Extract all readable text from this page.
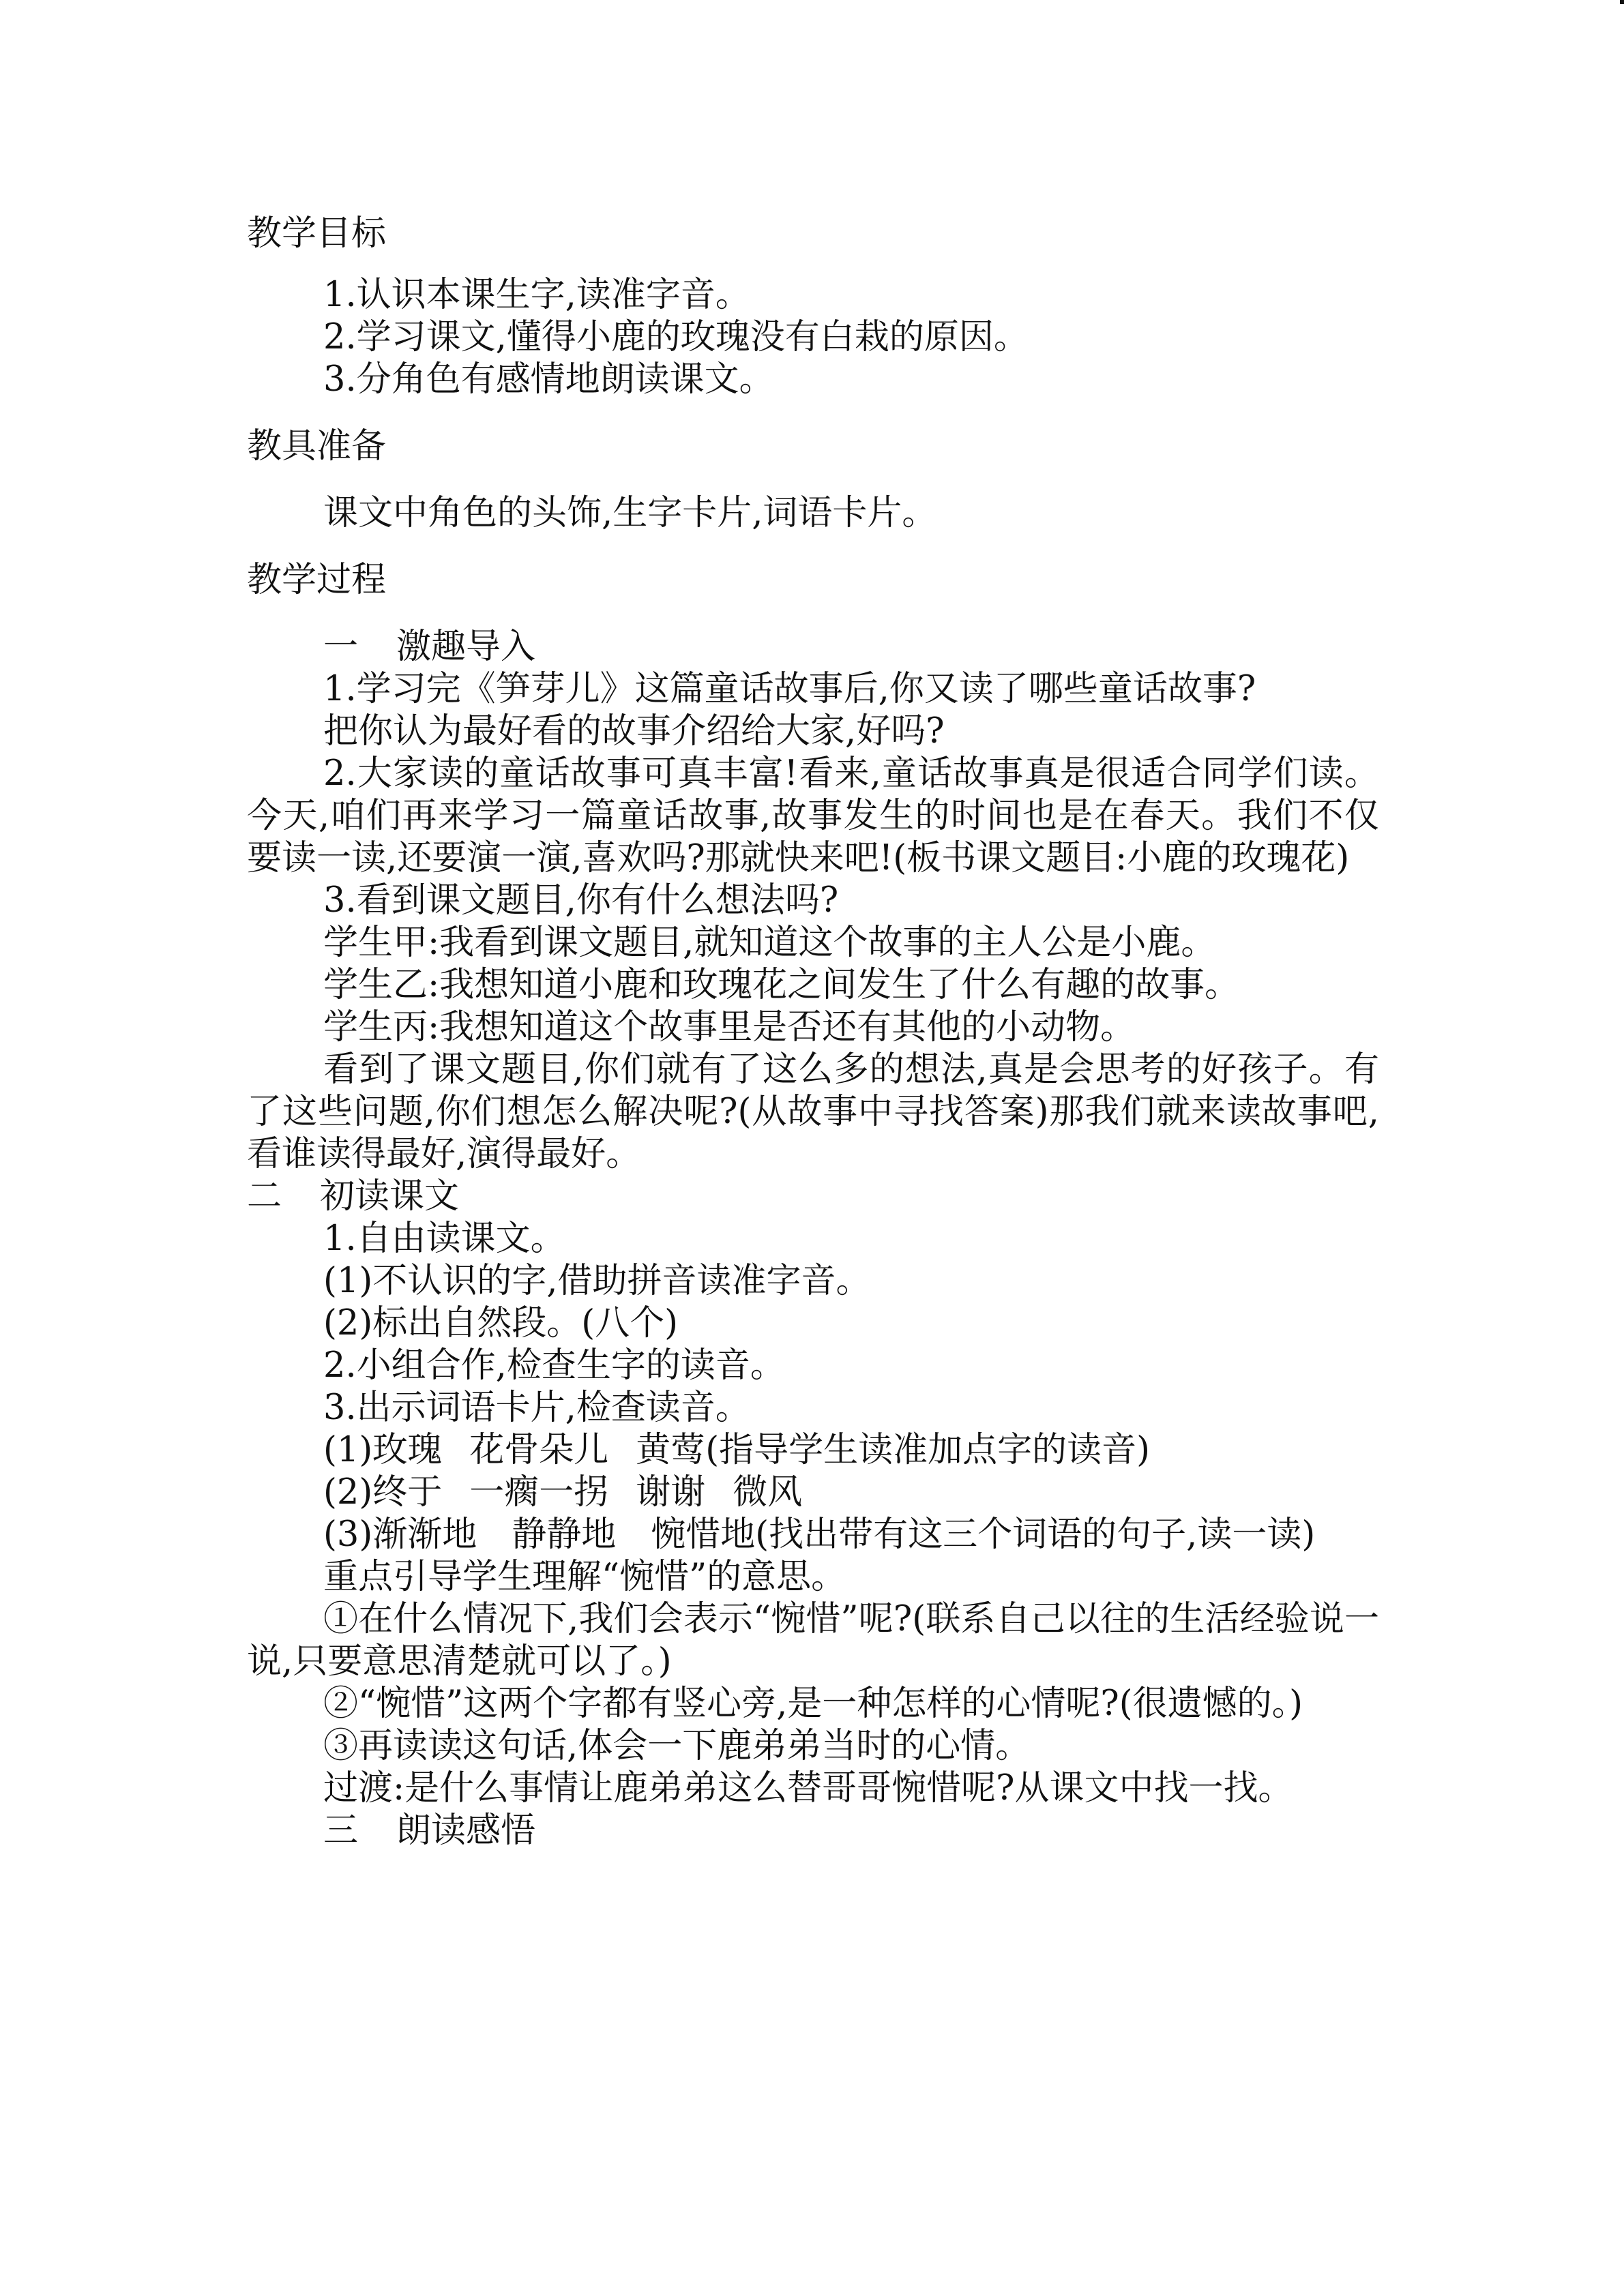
教学目标
1.认识本课生字,读准字音。
2.学习课文,懂得小鹿的玫瑰没有白栽的原因。
3.分角色有感情地朗读课文。
教具准备
课文中角色的头饰,生字卡片,词语卡片。
教学过程
一 激趣导入
1.学习完《笋芽儿》这篇童话故事后,你又读了哪些童话故事?
把你认为最好看的故事介绍给大家,好吗?
2.大家读的童话故事可真丰富!看来,童话故事真是很适合同学们读。今天,咱们再来学习一篇童话故事,故事发生的时间也是在春天。我们不仅要读一读,还要演一演,喜欢吗?那就快来吧!(板书课文题目:小鹿的玫瑰花)
3.看到课文题目,你有什么想法吗?
学生甲:我看到课文题目,就知道这个故事的主人公是小鹿。
学生乙:我想知道小鹿和玫瑰花之间发生了什么有趣的故事。
学生丙:我想知道这个故事里是否还有其他的小动物。
看到了课文题目,你们就有了这么多的想法,真是会思考的好孩子。有了这些问题,你们想怎么解决呢?(从故事中寻找答案)那我们就来读故事吧,看谁读得最好,演得最好。
二 初读课文
1.自由读课文。
(1)不认识的字,借助拼音读准字音。
(2)标出自然段。(八个)
2.小组合作,检查生字的读音。
3.出示词语卡片,检查读音。
(1)玫瑰 花骨朵儿 黄莺(指导学生读准加点字的读音)
(2)终于 一瘸一拐 谢谢 微风
(3)渐渐地　静静地　惋惜地(找出带有这三个词语的句子,读一读)
重点引导学生理解“惋惜”的意思。
①在什么情况下,我们会表示“惋惜”呢?(联系自己以往的生活经验说一说,只要意思清楚就可以了。)
②“惋惜”这两个字都有竖心旁,是一种怎样的心情呢?(很遗憾的。)
③再读读这句话,体会一下鹿弟弟当时的心情。
过渡:是什么事情让鹿弟弟这么替哥哥惋惜呢?从课文中找一找。
三 朗读感悟
